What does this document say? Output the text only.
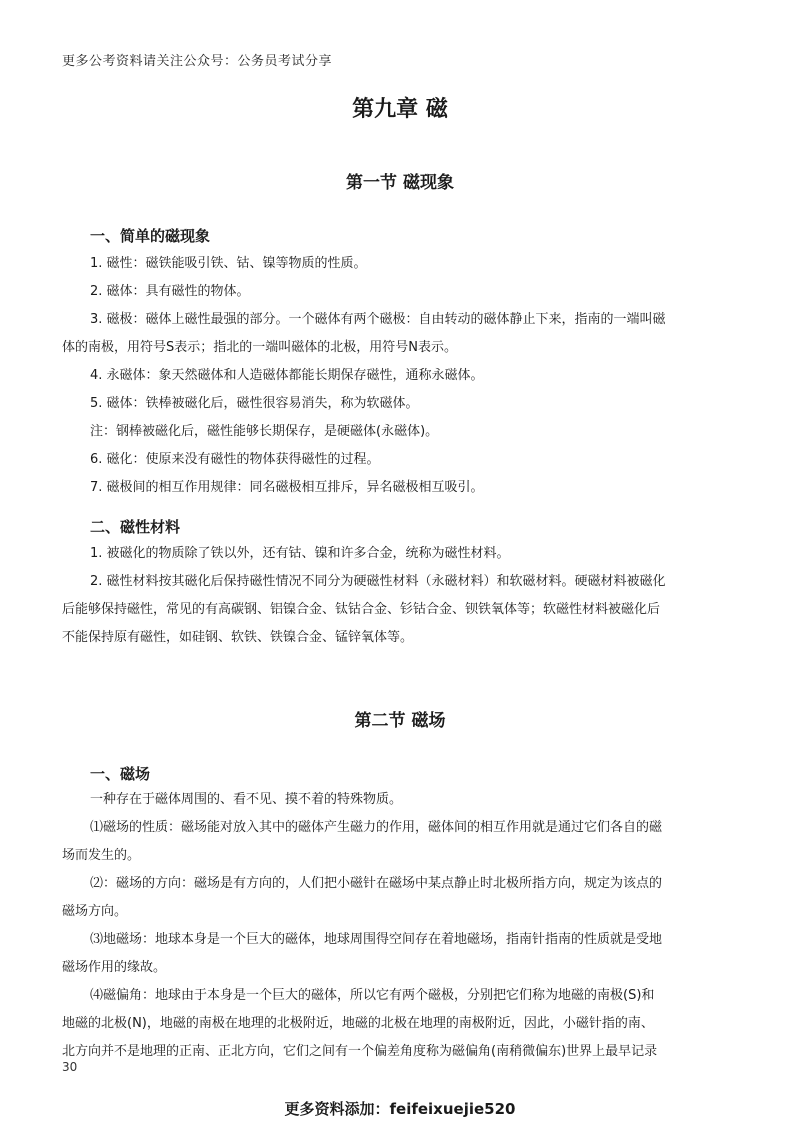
更多公考资料请关注公众号：公务员考试分享
第九章 磁
第一节 磁现象
一、简单的磁现象
1. 磁性：磁铁能吸引铁、钴、镍等物质的性质。
2. 磁体：具有磁性的物体。
3. 磁极：磁体上磁性最强的部分。一个磁体有两个磁极：自由转动的磁体静止下来，指南的一端叫磁
体的南极，用符号S表示；指北的一端叫磁体的北极，用符号N表示。
4. 永磁体：象天然磁体和人造磁体都能长期保存磁性，通称永磁体。
5. 磁体：铁棒被磁化后，磁性很容易消失，称为软磁体。
注：钢棒被磁化后，磁性能够长期保存，是硬磁体(永磁体)。
6. 磁化：使原来没有磁性的物体获得磁性的过程。
7. 磁极间的相互作用规律：同名磁极相互排斥，异名磁极相互吸引。
二、磁性材料
1. 被磁化的物质除了铁以外，还有钴、镍和许多合金，统称为磁性材料。
2. 磁性材料按其磁化后保持磁性情况不同分为硬磁性材料（永磁材料）和软磁材料。硬磁材料被磁化
后能够保持磁性，常见的有高碳钢、铝镍合金、钛钴合金、钐钴合金、钡铁氧体等；软磁性材料被磁化后
不能保持原有磁性，如硅钢、软铁、铁镍合金、锰锌氧体等。
第二节 磁场
一、磁场
一种存在于磁体周围的、看不见、摸不着的特殊物质。
⑴磁场的性质：磁场能对放入其中的磁体产生磁力的作用，磁体间的相互作用就是通过它们各自的磁
场而发生的。
⑵：磁场的方向：磁场是有方向的，人们把小磁针在磁场中某点静止时北极所指方向，规定为该点的
磁场方向。
⑶地磁场：地球本身是一个巨大的磁体，地球周围得空间存在着地磁场，指南针指南的性质就是受地
磁场作用的缘故。
⑷磁偏角：地球由于本身是一个巨大的磁体，所以它有两个磁极，分别把它们称为地磁的南极(S)和
地磁的北极(N)，地磁的南极在地理的北极附近，地磁的北极在地理的南极附近，因此，小磁针指的南、
北方向并不是地理的正南、正北方向，它们之间有一个偏差角度称为磁偏角(南稍微偏东)世界上最早记录
30
更多资料添加：feifeixuejie520
